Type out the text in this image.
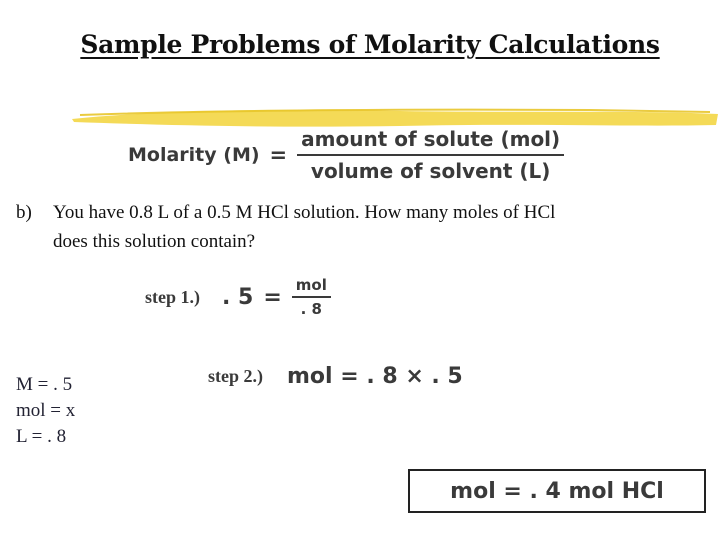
Sample Problems of Molarity Calculations
Molarity $(M) = \frac{\text{amount of solute (mol)}}{\text{volume of solvent (L)}}$
b)	You have 0.8 L of a 0.5 M HCl solution. How many moles of HCl
does this solution contain?
step 1.) . $5 = \frac{\text{mol}}{. 8}$
step 2.) mol = . 8 × . 5
M = . 5
mol = x
L = . 8
mol = . 4 mol HCl
